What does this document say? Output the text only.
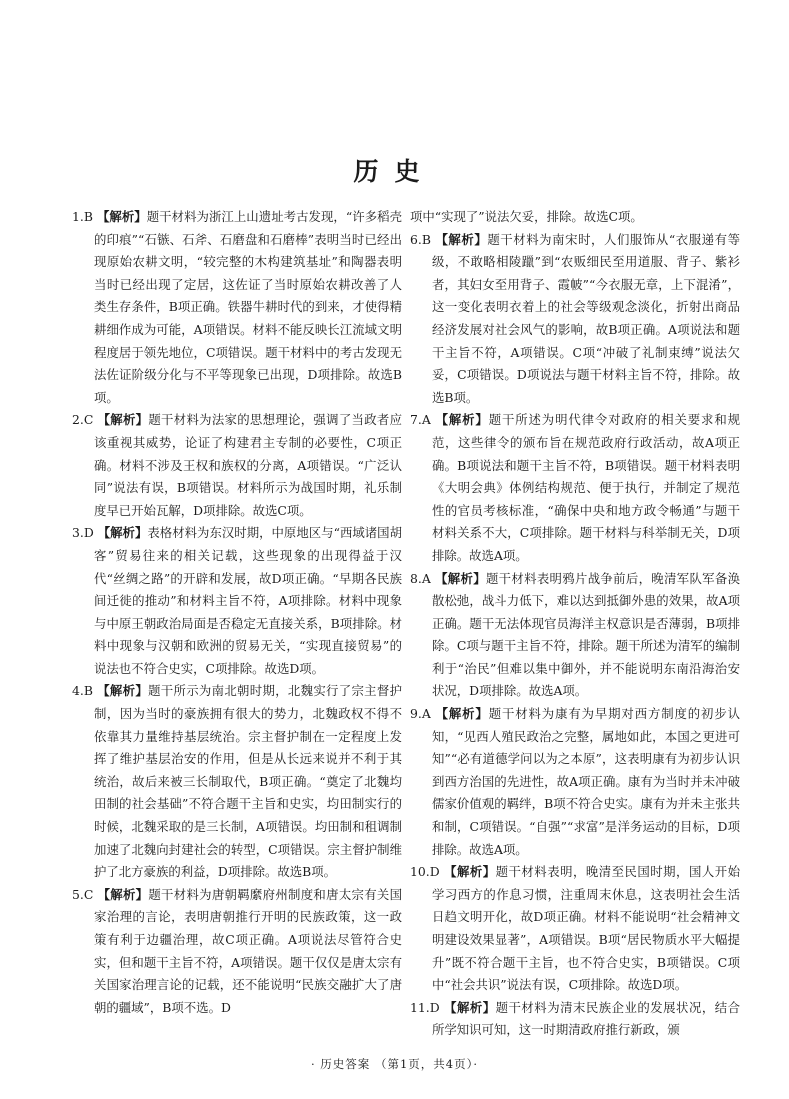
历史

1.B 【解析】题干材料为浙江上山遗址考古发现，“许多稻壳的印痕”“石镞、石斧、石磨盘和石磨棒”表明当时已经出现原始农耕文明，“较完整的木构建筑基址”和陶器表明当时已经出现了定居，这佐证了当时原始农耕改善了人类生存条件，B项正确。铁器牛耕时代的到来，才使得精耕细作成为可能，A项错误。材料不能反映长江流域文明程度居于领先地位，C项错误。题干材料中的考古发现无法佐证阶级分化与不平等现象已出现，D项排除。故选B项。

2.C 【解析】题干材料为法家的思想理论，强调了当政者应该重视其威势，论证了构建君主专制的必要性，C项正确。材料不涉及王权和族权的分离，A项错误。“广泛认同”说法有误，B项错误。材料所示为战国时期，礼乐制度早已开始瓦解，D项排除。故选C项。

3.D 【解析】表格材料为东汉时期，中原地区与“西域诸国胡客”贸易往来的相关记载，这些现象的出现得益于汉代“丝绸之路”的开辟和发展，故D项正确。“早期各民族间迁徙的推动”和材料主旨不符，A项排除。材料中现象与中原王朝政治局面是否稳定无直接关系，B项排除。材料中现象与汉朝和欧洲的贸易无关，“实现直接贸易”的说法也不符合史实，C项排除。故选D项。

4.B 【解析】题干所示为南北朝时期，北魏实行了宗主督护制，因为当时的豪族拥有很大的势力，北魏政权不得不依靠其力量维持基层统治。宗主督护制在一定程度上发挥了维护基层治安的作用，但是从长远来说并不利于其统治，故后来被三长制取代，B项正确。“奠定了北魏均田制的社会基础”不符合题干主旨和史实，均田制实行的时候，北魏采取的是三长制，A项错误。均田制和租调制加速了北魏向封建社会的转型，C项错误。宗主督护制维护了北方豪族的利益，D项排除。故选B项。

5.C 【解析】题干材料为唐朝羁縻府州制度和唐太宗有关国家治理的言论，表明唐朝推行开明的民族政策，这一政策有利于边疆治理，故C项正确。A项说法尽管符合史实，但和题干主旨不符，A项错误。题干仅仅是唐太宗有关国家治理言论的记载，还不能说明“民族交融扩大了唐朝的疆域”，B项不选。D

项中“实现了”说法欠妥，排除。故选C项。

6.B 【解析】题干材料为南宋时，人们服饰从“衣服递有等级，不敢略相陵躐”到“农贩细民至用道服、背子、紫衫者，其妇女至用背子、霞帔”“今衣服无章，上下混淆”，这一变化表明衣着上的社会等级观念淡化，折射出商品经济发展对社会风气的影响，故B项正确。A项说法和题干主旨不符，A项错误。C项“冲破了礼制束缚”说法欠妥，C项错误。D项说法与题干材料主旨不符，排除。故选B项。

7.A 【解析】题干所述为明代律令对政府的相关要求和规范，这些律令的颁布旨在规范政府行政活动，故A项正确。B项说法和题干主旨不符，B项错误。题干材料表明《大明会典》体例结构规范、便于执行，并制定了规范性的官员考核标准，“确保中央和地方政令畅通”与题干材料关系不大，C项排除。题干材料与科举制无关，D项排除。故选A项。

8.A 【解析】题干材料表明鸦片战争前后，晚清军队军备涣散松弛，战斗力低下，难以达到抵御外患的效果，故A项正确。题干无法体现官员海洋主权意识是否薄弱，B项排除。C项与题干主旨不符，排除。题干所述为清军的编制利于“治民”但难以集中御外，并不能说明东南沿海治安状况，D项排除。故选A项。

9.A 【解析】题干材料为康有为早期对西方制度的初步认知，“见西人殖民政治之完整，属地如此，本国之更进可知”“必有道德学问以为之本原”，这表明康有为初步认识到西方治国的先进性，故A项正确。康有为当时并未冲破儒家价值观的羁绊，B项不符合史实。康有为并未主张共和制，C项错误。“自强”“求富”是洋务运动的目标，D项排除。故选A项。

10.D 【解析】题干材料表明，晚清至民国时期，国人开始学习西方的作息习惯，注重周末休息，这表明社会生活日趋文明开化，故D项正确。材料不能说明“社会精神文明建设效果显著”，A项错误。B项“居民物质水平大幅提升”既不符合题干主旨，也不符合史实，B项错误。C项中“社会共识”说法有误，C项排除。故选D项。

11.D 【解析】题干材料为清末民族企业的发展状况，结合所学知识可知，这一时期清政府推行新政，颁

· 历史答案 （第1页，共4页）·
